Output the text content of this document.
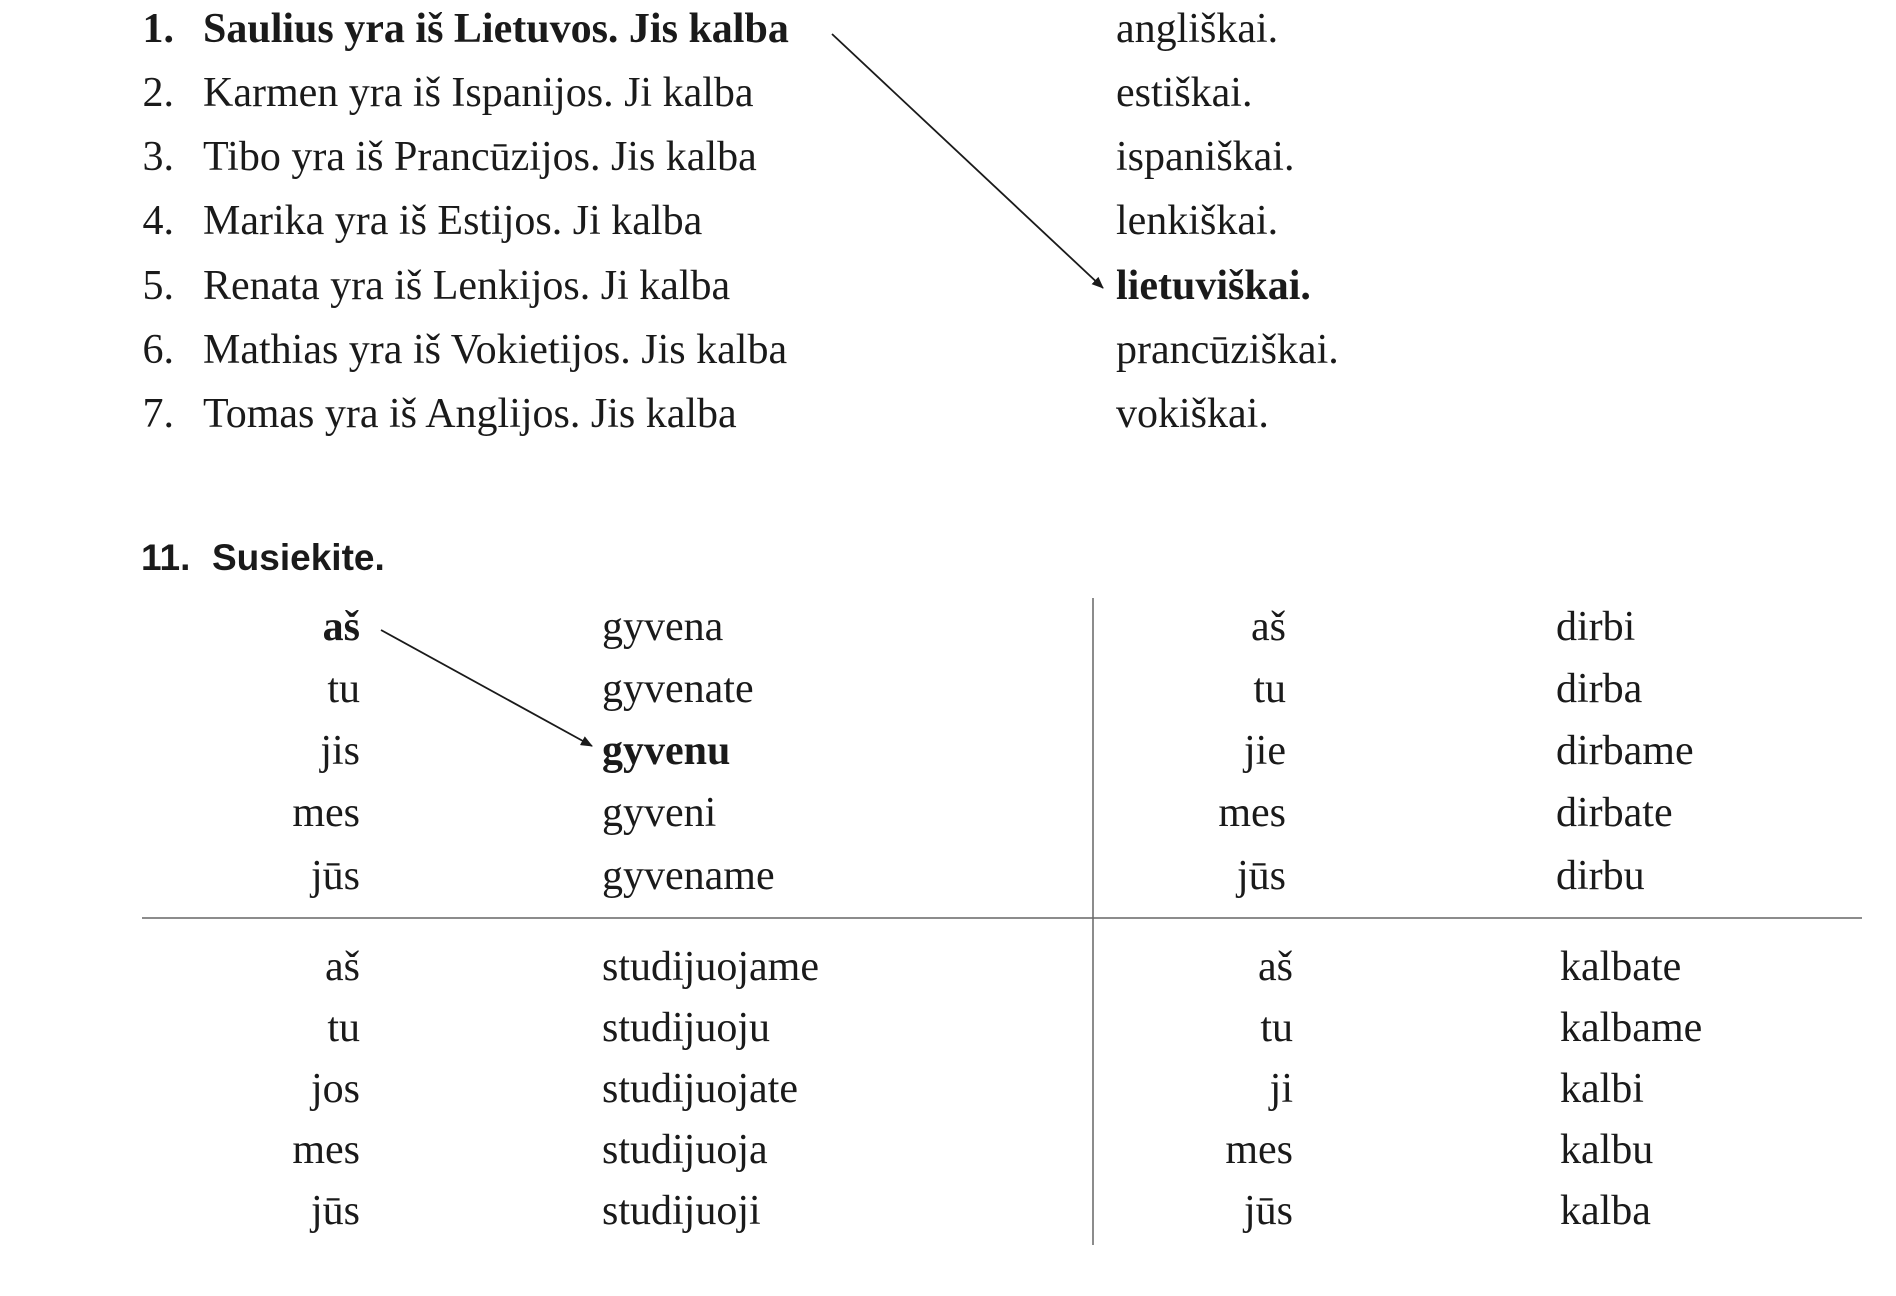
1. Saulius yra iš Lietuvos. Jis kalba
2. Karmen yra iš Ispanijos. Ji kalba
3. Tibo yra iš Prancūzijos. Jis kalba
4. Marika yra iš Estijos. Ji kalba
5. Renata yra iš Lenkijos. Ji kalba
6. Mathias yra iš Vokietijos. Jis kalba
7. Tomas yra iš Anglijos. Jis kalba
angliškai.
estiškai.
ispaniškai.
lenkiškai.
lietuviškai.
prancūziškai.
vokiškai.
11. Susiekite.
aš
tu
jis
mes
jūs
gyvena
gyvenate
gyvenu
gyveni
gyvename
aš
tu
jie
mes
jūs
dirbi
dirba
dirbame
dirbate
dirbu
aš
tu
jos
mes
jūs
studijuojame
studijuoju
studijuojate
studijuoja
studijuoji
aš
tu
ji
mes
jūs
kalbate
kalbame
kalbi
kalbu
kalba
